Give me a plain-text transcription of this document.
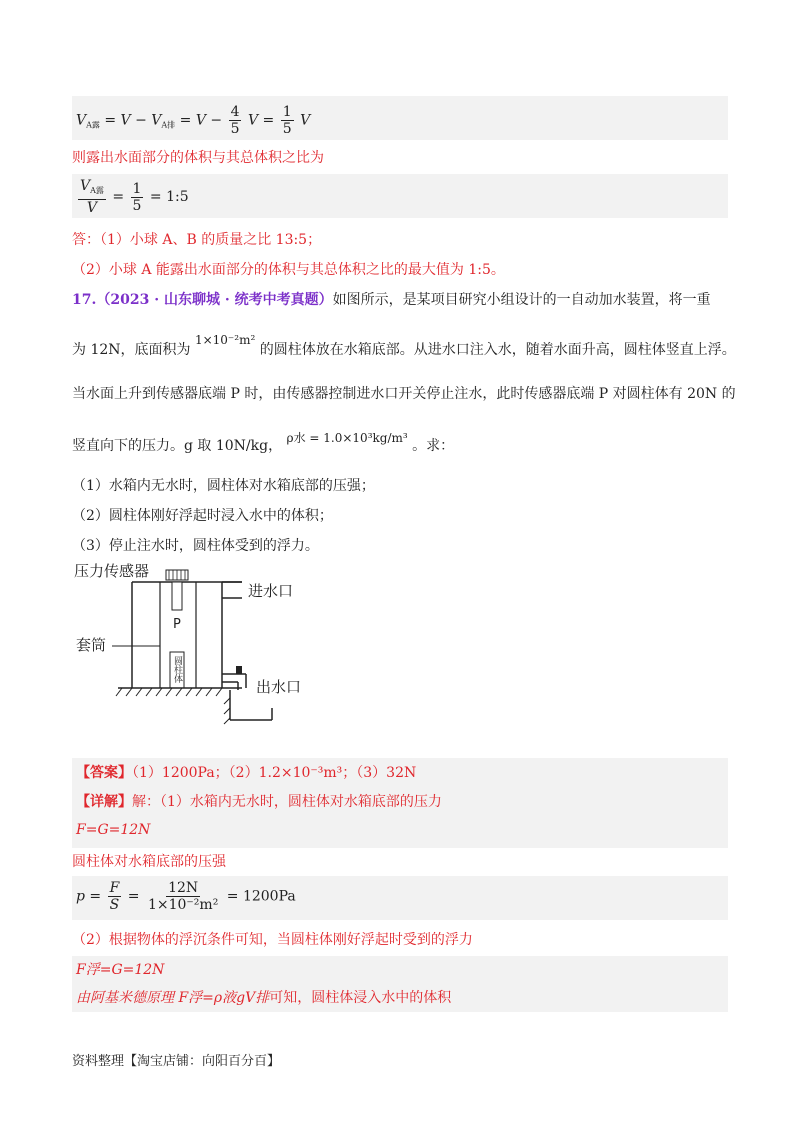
$V_{A露} = V - V_{A排} = V - \frac{4}{5}$ $V = \frac{1}{5}$ V
则露出水面部分的体积与其总体积之比为
$\frac{V_{A露}}{V} = \frac{1}{5}$ = 1:5
答：（1）小球 A、B 的质量之比 13:5；
（2）小球 A 能露出水面部分的体积与其总体积之比的最大值为 1:5。
17.（2023 · 山东聊城 · 统考中考真题）如图所示，是某项目研究小组设计的一自动加水装置，将一重
为 12N，底面积为 1×10⁻²m² 的圆柱体放在水箱底部。从进水口注入水，随着水面升高，圆柱体竖直上浮。
当水面上升到传感器底端 P 时，由传感器控制进水口开关停止注水，此时传感器底端 P 对圆柱体有 20N 的
竖直向下的压力。g 取 10N/kg， ρ水 = 1.0×10³kg/m³ 。求：
（1）水箱内无水时，圆柱体对水箱底部的压强；
（2）圆柱体刚好浮起时浸入水中的体积；
（3）停止注水时，圆柱体受到的浮力。
压力传感器
P
进水口
套筒
圆柱体
出水口
【答案】（1）1200Pa；（2）1.2×10⁻³m³；（3）32N
【详解】解：（1）水箱内无水时，圆柱体对水箱底部的压力
F=G=12N
圆柱体对水箱底部的压强
$p = \frac{F}{S} = \frac{12N}{\text{1×10⁻²m²}} = 1200Pa$
（2）根据物体的浮沉条件可知，当圆柱体刚好浮起时受到的浮力
F浮=G=12N
由阿基米德原理 F浮=ρ液gV排可知，圆柱体浸入水中的体积
资料整理【淘宝店铺：向阳百分百】
